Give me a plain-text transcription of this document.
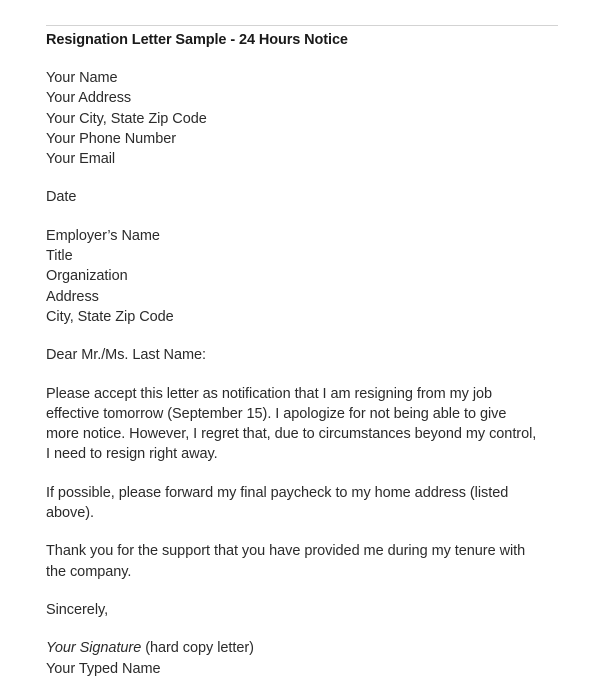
Resignation Letter Sample - 24 Hours Notice
Your Name
Your Address
Your City, State Zip Code
Your Phone Number
Your Email
Date
Employer’s Name
Title
Organization
Address
City, State Zip Code
Dear Mr./Ms. Last Name:

Please accept this letter as notification that I am resigning from my job effective tomorrow (September 15). I apologize for not being able to give more notice. However, I regret that, due to circumstances beyond my control, I need to resign right away.

If possible, please forward my final paycheck to my home address (listed above).

Thank you for the support that you have provided me during my tenure with the company.

Sincerely,
Your Signature (hard copy letter)
Your Typed Name
